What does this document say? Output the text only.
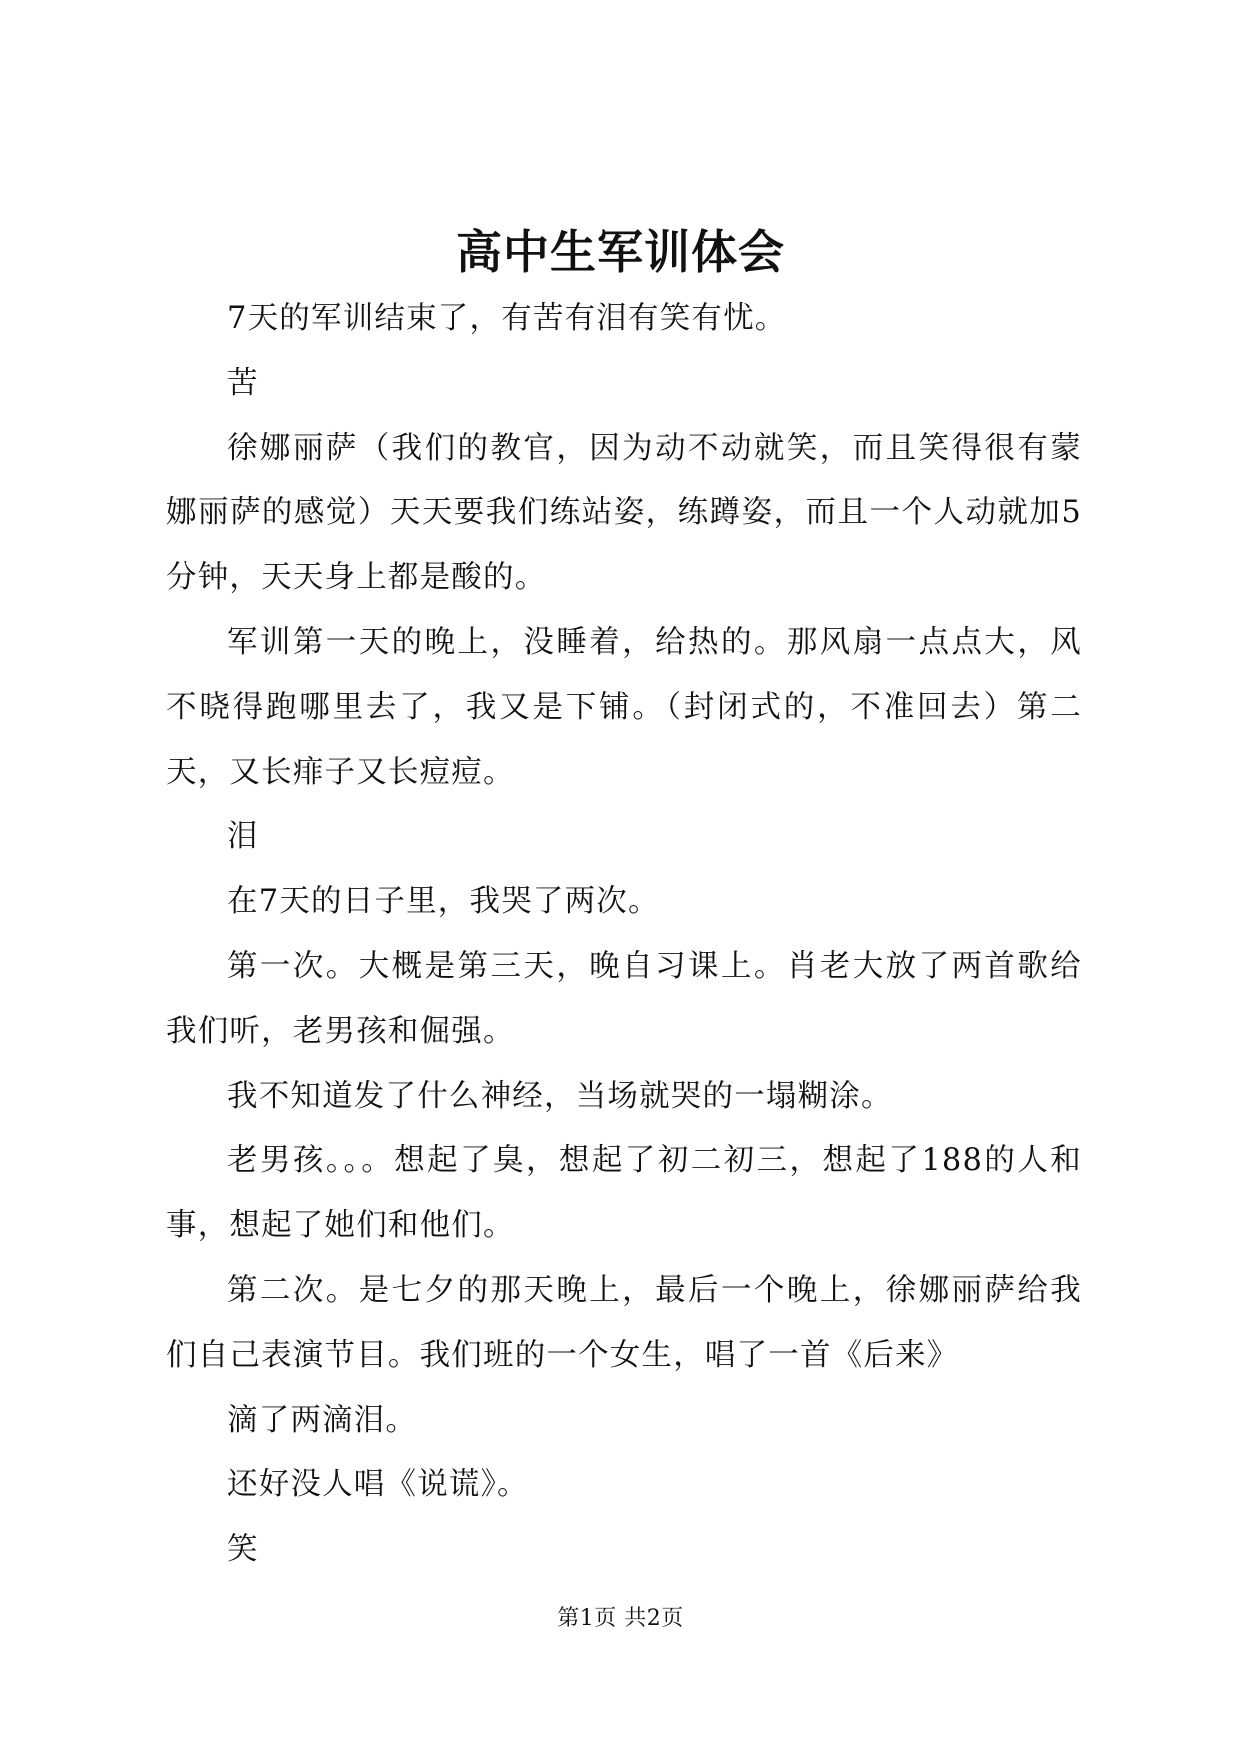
高中生军训体会

7天的军训结束了，有苦有泪有笑有忧。

苦

徐娜丽萨（我们的教官，因为动不动就笑，而且笑得很有蒙娜丽萨的感觉）天天要我们练站姿，练蹲姿，而且一个人动就加5分钟，天天身上都是酸的。

军训第一天的晚上，没睡着，给热的。那风扇一点点大，风不晓得跑哪里去了，我又是下铺。（封闭式的，不准回去）第二天，又长痱子又长痘痘。

泪

在7天的日子里，我哭了两次。

第一次。大概是第三天，晚自习课上。肖老大放了两首歌给我们听，老男孩和倔强。

我不知道发了什么神经，当场就哭的一塌糊涂。

老男孩。。。想起了臭，想起了初二初三，想起了188的人和事，想起了她们和他们。

第二次。是七夕的那天晚上，最后一个晚上，徐娜丽萨给我们自己表演节目。我们班的一个女生，唱了一首《后来》

滴了两滴泪。

还好没人唱《说谎》。

笑

第1页 共2页
